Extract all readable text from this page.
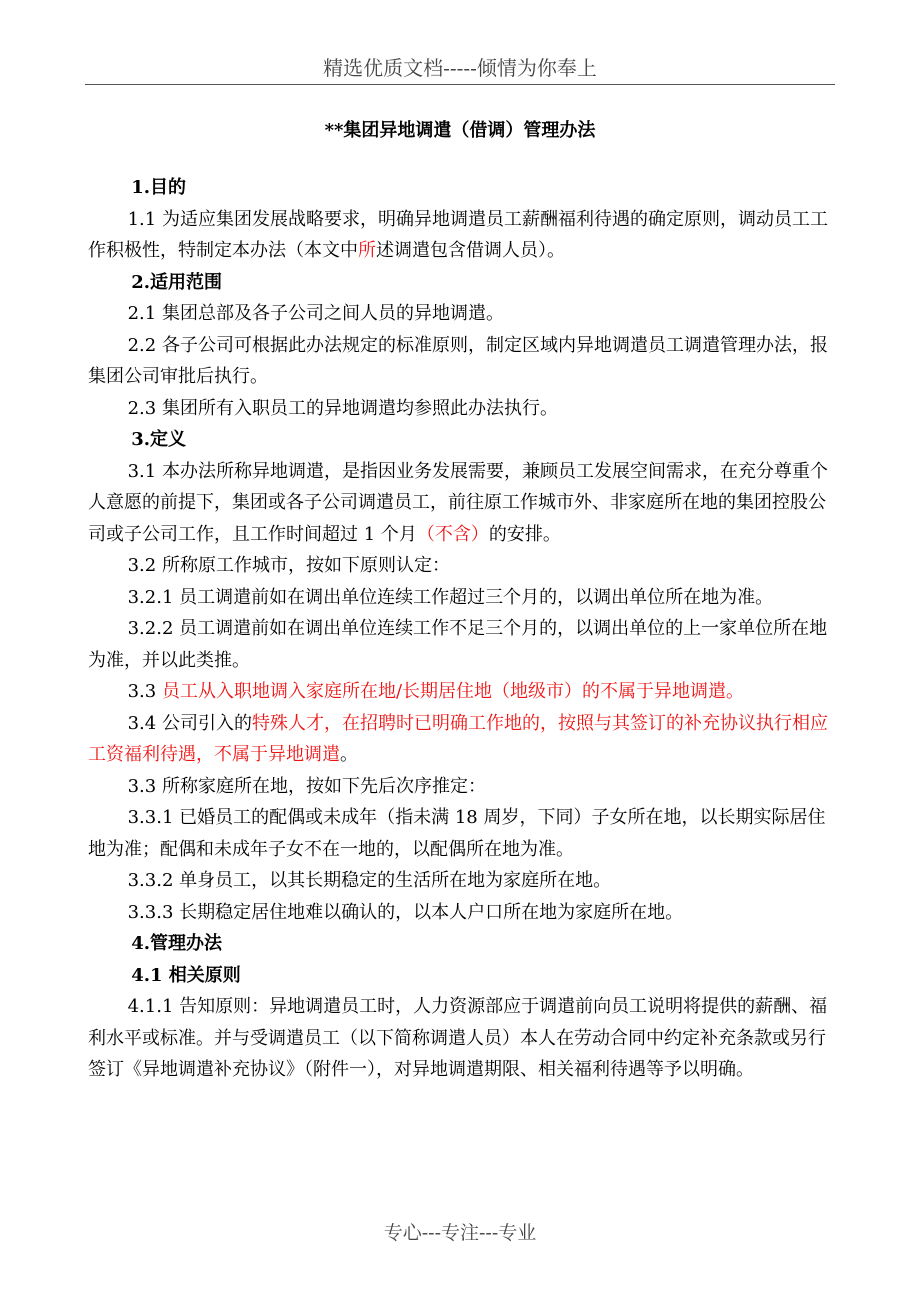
精选优质文档-----倾情为你奉上
**集团异地调遣（借调）管理办法

1.目的

1.1 为适应集团发展战略要求，明确异地调遣员工薪酬福利待遇的确定原则，调动员工工作积极性，特制定本办法（本文中所述调遣包含借调人员）。

2.适用范围

2.1 集团总部及各子公司之间人员的异地调遣。

2.2 各子公司可根据此办法规定的标准原则，制定区域内异地调遣员工调遣管理办法，报集团公司审批后执行。

2.3 集团所有入职员工的异地调遣均参照此办法执行。

3.定义

3.1 本办法所称异地调遣，是指因业务发展需要，兼顾员工发展空间需求，在充分尊重个人意愿的前提下，集团或各子公司调遣员工，前往原工作城市外、非家庭所在地的集团控股公司或子公司工作，且工作时间超过 1 个月（不含）的安排。

3.2 所称原工作城市，按如下原则认定：

3.2.1 员工调遣前如在调出单位连续工作超过三个月的，以调出单位所在地为准。

3.2.2 员工调遣前如在调出单位连续工作不足三个月的，以调出单位的上一家单位所在地为准，并以此类推。

3.3 员工从入职地调入家庭所在地/长期居住地（地级市）的不属于异地调遣。

3.4 公司引入的特殊人才，在招聘时已明确工作地的，按照与其签订的补充协议执行相应工资福利待遇，不属于异地调遣。

3.3 所称家庭所在地，按如下先后次序推定：

3.3.1 已婚员工的配偶或未成年（指未满 18 周岁，下同）子女所在地，以长期实际居住地为准；配偶和未成年子女不在一地的，以配偶所在地为准。

3.3.2 单身员工，以其长期稳定的生活所在地为家庭所在地。

3.3.3 长期稳定居住地难以确认的，以本人户口所在地为家庭所在地。

4.管理办法

4.1 相关原则

4.1.1 告知原则：异地调遣员工时，人力资源部应于调遣前向员工说明将提供的薪酬、福利水平或标准。并与受调遣员工（以下简称调遣人员）本人在劳动合同中约定补充条款或另行签订《异地调遣补充协议》（附件一），对异地调遣期限、相关福利待遇等予以明确。

专心---专注---专业
